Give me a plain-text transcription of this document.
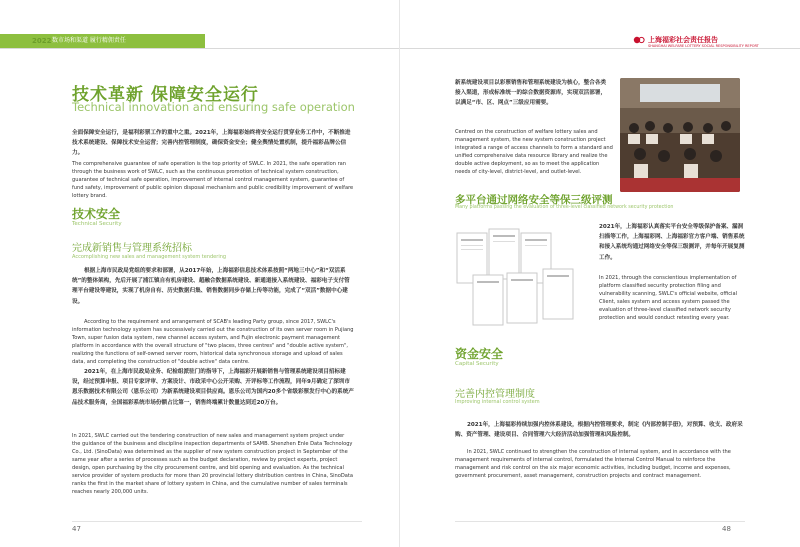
数市场和渠道 履行精佣责任
2022
技术革新 保障安全运行
Technical innovation and ensuring safe operation
全面保障安全运行，是福利彩票工作的重中之重。2021年，上海福彩始终将安全运行贯穿业务工作中，不断推进技术系统建设、保障技术安全运营；完善内控管理制度，确保资金安全；健全舆情处置机制，提升福彩品牌公信力。
The comprehensive guarantee of safe operation is the top priority of SWLC. In 2021, the safe operation ran through the business work of SWLC, such as the continuous promotion of technical system construction, guarantee of technical safe operation, improvement of internal control management system, guarantee of fund safety, improvement of public opinion disposal mechanism and public credibility improvement of welfare lottery brand.
技术安全
Technical Security
完成新销售与管理系统招标
Accomplishing new sales and management system tendering
根据上海市民政局党组的要求和部署，从2017年始，上海福彩信息技术体系按照“两地三中心”和“双活系统”的整体架构，先后开展了浦江镇自有机房建设、超融合数据系统建设、新通道接入系统建设、福彩电子支付管理平台建设等建设，实现了机房自有、历史数据归集、销售数据同步存储上传等功能，完成了“双活”数据中心建设。
According to the requirement and arrangement of SCAB's leading Party group, since 2017, SWLC's information technology system has successively carried out the construction of its own server room in Pujiang Town, super fusion data system, new channel access system, and Fujin electronic payment management platform in accordance with the overall structure of "two places, three centres" and "double active system", realizing the functions of self-owned server room, historical data synchronous storage and upload of sales data, and completing the construction of "double active" data centre.
2021年，在上海市民政局业务、纪检组派驻门的指导下，上海福彩开展新销售与管理系统建设项目招标建设，经过预算申报、项目专家评审、方案设计、市政采中心公开采购、开评标等工作流程，同年9月确定了深圳市恩乐数据技术有限公司（恩乐公司）为新系统建设项目供应商。恩乐公司为国内20多个省级彩票发行中心的系统产品技术服务商，全国福彩系统市场份额占比第一，销售终端累计数量达到近20万台。
In 2021, SWLC carried out the tendering construction of new sales and management system project under the guidance of the business and discipline inspection departments of SAMB. Shenzhen Enle Data Technology Co., Ltd. (SinoData) was determined as the supplier of new system construction project in September of the same year after a series of processes such as the budget declaration, review by project experts, project design, open purchasing by the city procurement centre, and bid opening and evaluation. As the technical service provider of system products for more than 20 provincial lottery distribution centres in China, SinoData ranks the first in the market share of lottery system in China, and the cumulative number of sales terminals reaches nearly 200,000 units.
47
上海福彩社会责任报告
SHANGHAI WELFARE LOTTERY SOCIAL RESPONSIBILITY REPORT
新系统建设项目以彩票销售和管理系统建设为核心，整合各类接入渠道，形成标准统一的综合数据资源库，实现双活部署，以满足“市、区、网点”三级应用需要。
Centred on the construction of welfare lottery sales and management system, the new system construction project integrated a range of access channels to form a standard and unified comprehensive data resource library and realize the double active deployment, so as to meet the application needs of city-level, district-level, and outlet-level.
多平台通过网络安全等保三级评测
Many platforms passing the evaluation of three-level classified network security protection
2021年，上海福彩认真落实平台安全等级保护备案、漏洞扫描等工作，上海福彩网、上海福彩官方客户端、销售系统和接入系统均通过网络安全等保三级测评，并每年开展复测工作。
In 2021, through the conscientious implementation of platform classified security protection filing and vulnerability scanning, SWLC's official website, official Client, sales system and access system passed the evaluation of three-level classified network security protection and would conduct retesting every year.
资金安全
Capital Security
完善内控管理制度
Improving internal control system
2021年，上海福彩持续加强内控体系建设，根据内控管理要求，制定《内部控制手册》，对预算、收支、政府采购、资产管理、建设项目、合同管理六大经济活动加强管理和风险控制。
In 2021, SWLC continued to strengthen the construction of internal system, and in accordance with the management requirements of internal control, formulated the Internal Control Manual to reinforce the management and risk control on the six major economic activities, including budget, income and expenses, government procurement, asset management, construction projects and contract management.
48
